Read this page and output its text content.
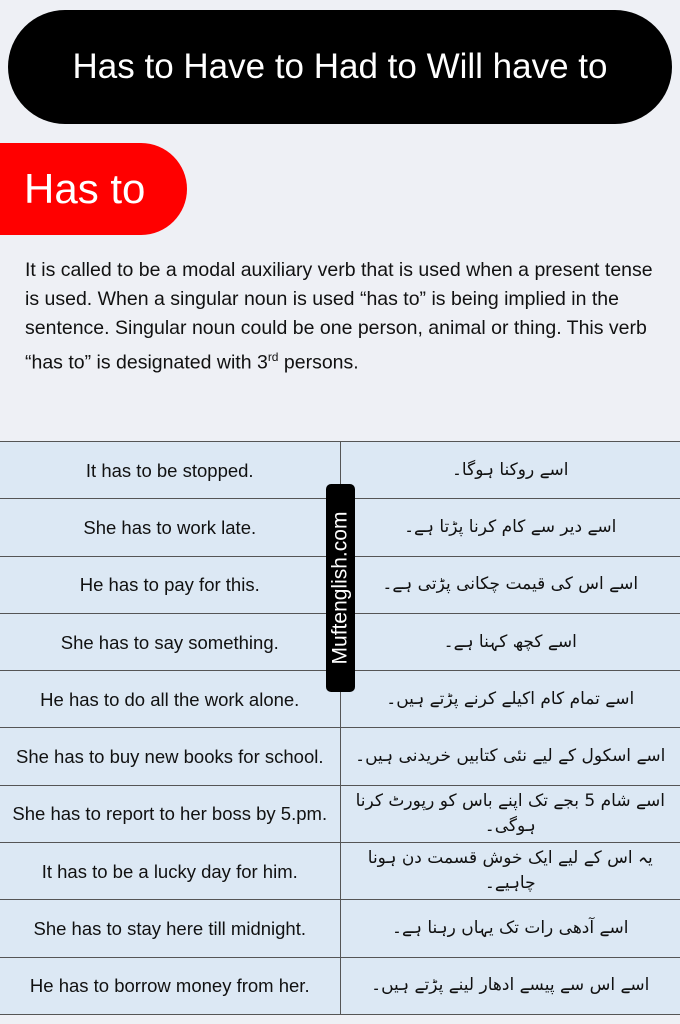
Has to Have to Had to Will have to
Has to
It is called to be a modal auxiliary verb that is used when a present tense is used. When a singular noun is used “has to” is being implied in the sentence. Singular noun could be one person, animal or thing. This verb “has to” is designated with 3rd persons.
It has to be stopped.	اسے روکنا ہوگا۔
She has to work late.	اسے دیر سے کام کرنا پڑتا ہے۔
He has to pay for this.	اسے اس کی قیمت چکانی پڑتی ہے۔
She has to say something.	اسے کچھ کہنا ہے۔
He has to do all the work alone.	اسے تمام کام اکیلے کرنے پڑتے ہیں۔
She has to buy new books for school.	اسے اسکول کے لیے نئی کتابیں خریدنی ہیں۔
She has to report to her boss by 5.pm.	اسے شام 5 بجے تک اپنے باس کو رپورٹ کرنا ہوگی۔
It has to be a lucky day for him.	یہ اس کے لیے ایک خوش قسمت دن ہونا چاہیے۔
She has to stay here till midnight.	اسے آدھی رات تک یہاں رہنا ہے۔
He has to borrow money from her.	اسے اس سے پیسے ادھار لینے پڑتے ہیں۔
Muftenglish.com
